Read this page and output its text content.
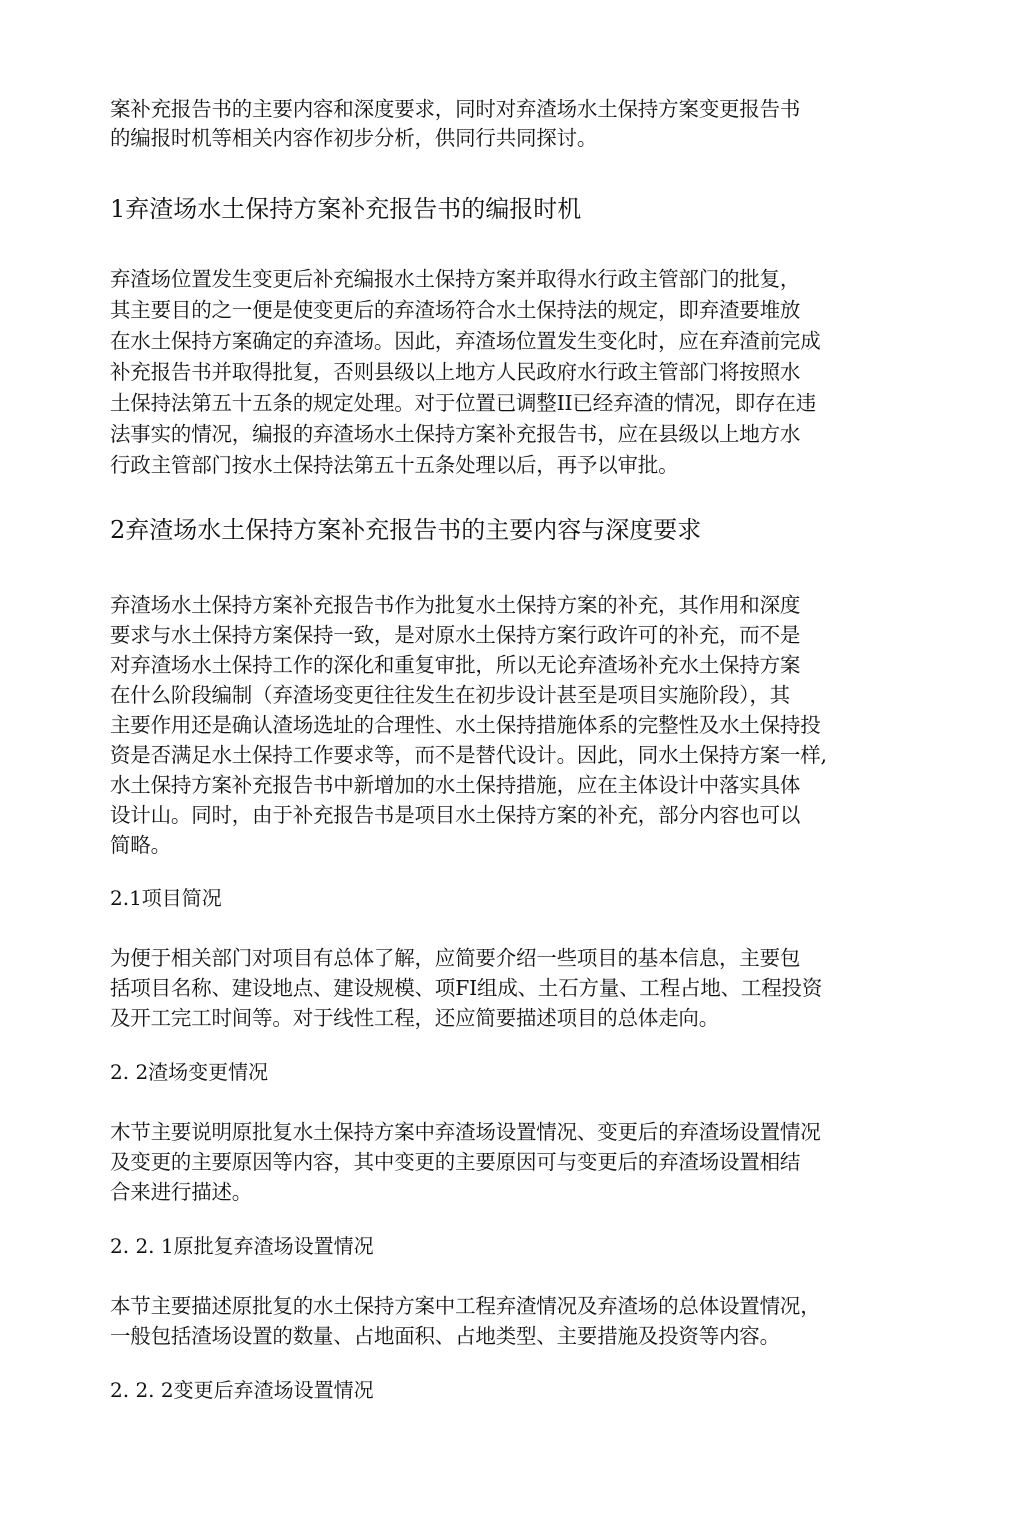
案补充报告书的主要内容和深度要求，同时对弃渣场水土保持方案变更报告书
的编报时机等相关内容作初步分析，供同行共同探讨。
1弃渣场水土保持方案补充报告书的编报时机
弃渣场位置发生变更后补充编报水土保持方案并取得水行政主管部门的批复，
其主要目的之一便是使变更后的弃渣场符合水土保持法的规定，即弃渣要堆放
在水土保持方案确定的弃渣场。因此，弃渣场位置发生变化时，应在弃渣前完成
补充报告书并取得批复，否则县级以上地方人民政府水行政主管部门将按照水
土保持法第五十五条的规定处理。对于位置已调整II已经弃渣的情况，即存在违
法事实的情况，编报的弃渣场水土保持方案补充报告书，应在县级以上地方水
行政主管部门按水土保持法第五十五条处理以后，再予以审批。
2弃渣场水土保持方案补充报告书的主要内容与深度要求
弃渣场水土保持方案补充报告书作为批复水土保持方案的补充，其作用和深度
要求与水土保持方案保持一致，是对原水土保持方案行政许可的补充，而不是
对弃渣场水土保持工作的深化和重复审批，所以无论弃渣场补充水土保持方案
在什么阶段编制（弃渣场变更往往发生在初步设计甚至是项目实施阶段），其
主要作用还是确认渣场选址的合理性、水土保持措施体系的完整性及水土保持投
资是否满足水土保持工作要求等，而不是替代设计。因此，同水土保持方案一样,
水土保持方案补充报告书中新增加的水土保持措施，应在主体设计中落实具体
设计山。同时，由于补充报告书是项目水土保持方案的补充，部分内容也可以
简略。
2.1项目简况
为便于相关部门对项目有总体了解，应简要介绍一些项目的基本信息，主要包
括项目名称、建设地点、建设规模、项FI组成、土石方量、工程占地、工程投资
及开工完工时间等。对于线性工程，还应简要描述项目的总体走向。
2. 2渣场变更情况
木节主要说明原批复水土保持方案中弃渣场设置情况、变更后的弃渣场设置情况
及变更的主要原因等内容，其中变更的主要原因可与变更后的弃渣场设置相结
合来进行描述。
2. 2. 1原批复弃渣场设置情况
本节主要描述原批复的水土保持方案中工程弃渣情况及弃渣场的总体设置情况，
一般包括渣场设置的数量、占地面积、占地类型、主要措施及投资等内容。
2. 2. 2变更后弃渣场设置情况
